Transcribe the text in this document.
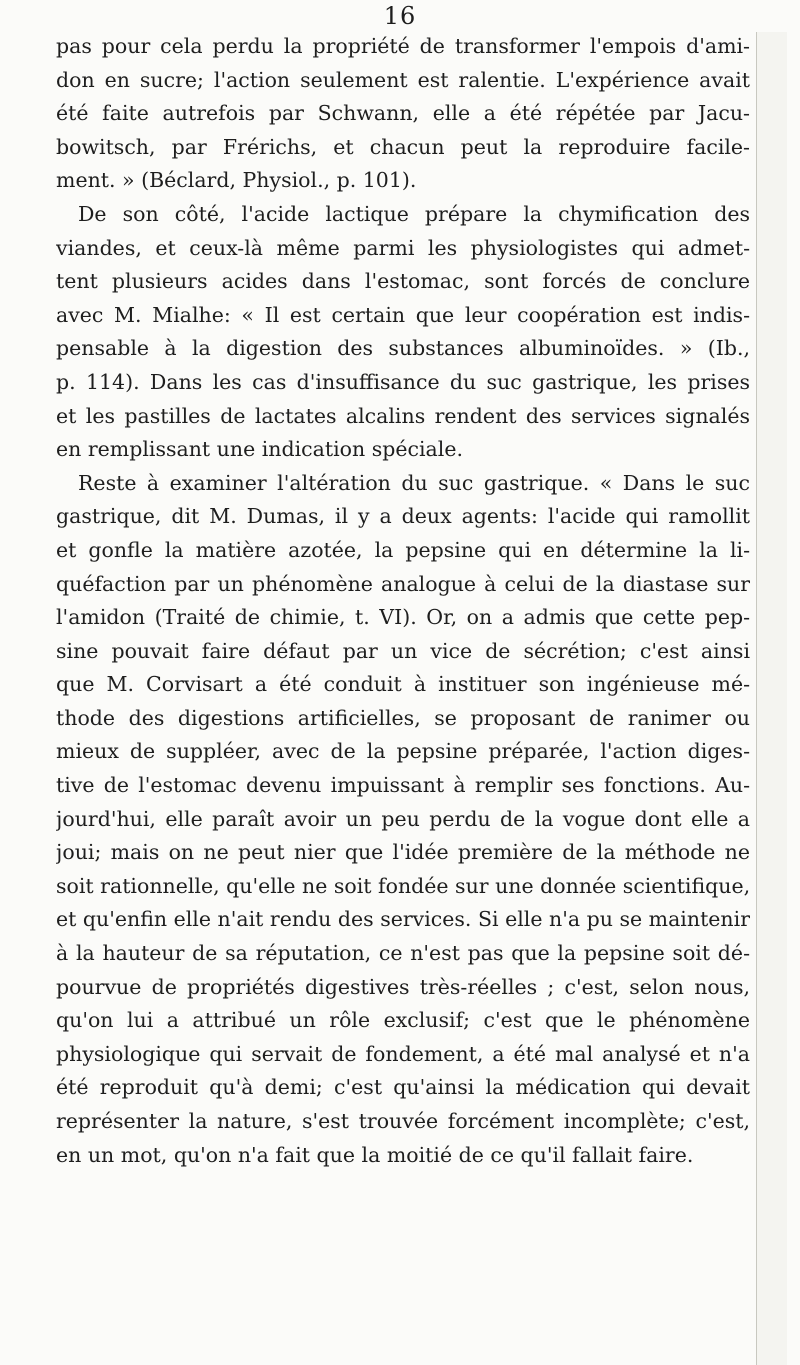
16
pas pour cela perdu la propriété de transformer l'empois d'ami-
don en sucre; l'action seulement est ralentie. L'expérience avait
été faite autrefois par Schwann, elle a été répétée par Jacu-
bowitsch, par Frérichs, et chacun peut la reproduire facile-
ment. » (Béclard, Physiol., p. 101).
De son côté, l'acide lactique prépare la chymification des
viandes, et ceux-là même parmi les physiologistes qui admet-
tent plusieurs acides dans l'estomac, sont forcés de conclure
avec M. Mialhe: « Il est certain que leur coopération est indis-
pensable à la digestion des substances albuminoïdes. » (Ib.,
p. 114). Dans les cas d'insuffisance du suc gastrique, les prises
et les pastilles de lactates alcalins rendent des services signalés
en remplissant une indication spéciale.
Reste à examiner l'altération du suc gastrique. « Dans le suc
gastrique, dit M. Dumas, il y a deux agents: l'acide qui ramollit
et gonfle la matière azotée, la pepsine qui en détermine la li-
quéfaction par un phénomène analogue à celui de la diastase sur
l'amidon (Traité de chimie, t. VI). Or, on a admis que cette pep-
sine pouvait faire défaut par un vice de sécrétion; c'est ainsi
que M. Corvisart a été conduit à instituer son ingénieuse mé-
thode des digestions artificielles, se proposant de ranimer ou
mieux de suppléer, avec de la pepsine préparée, l'action diges-
tive de l'estomac devenu impuissant à remplir ses fonctions. Au-
jourd'hui, elle paraît avoir un peu perdu de la vogue dont elle a
joui; mais on ne peut nier que l'idée première de la méthode ne
soit rationnelle, qu'elle ne soit fondée sur une donnée scientifique,
et qu'enfin elle n'ait rendu des services. Si elle n'a pu se maintenir
à la hauteur de sa réputation, ce n'est pas que la pepsine soit dé-
pourvue de propriétés digestives très-réelles ; c'est, selon nous,
qu'on lui a attribué un rôle exclusif; c'est que le phénomène
physiologique qui servait de fondement, a été mal analysé et n'a
été reproduit qu'à demi; c'est qu'ainsi la médication qui devait
représenter la nature, s'est trouvée forcément incomplète; c'est,
en un mot, qu'on n'a fait que la moitié de ce qu'il fallait faire.
